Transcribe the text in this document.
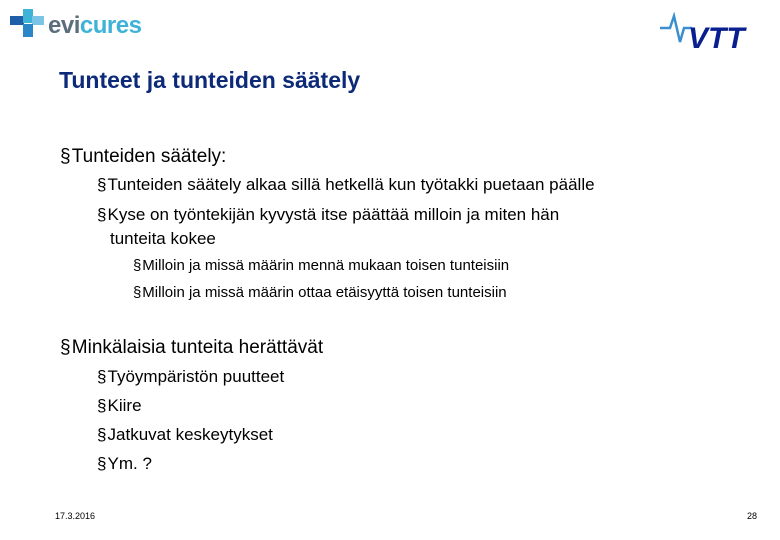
evicures	VTT
Tunteet ja tunteiden säätely
§Tunteiden säätely:
§Tunteiden säätely alkaa sillä hetkellä kun työtakki puetaan päälle
§Kyse on työntekijän kyvystä itse päättää milloin ja miten hän
tunteita kokee
§Milloin ja missä määrin mennä mukaan toisen tunteisiin
§Milloin ja missä määrin ottaa etäisyyttä toisen tunteisiin
§Minkälaisia tunteita herättävät
§Työympäristön puutteet
§Kiire
§Jatkuvat keskeytykset
§Ym. ?
17.3.2016	28
